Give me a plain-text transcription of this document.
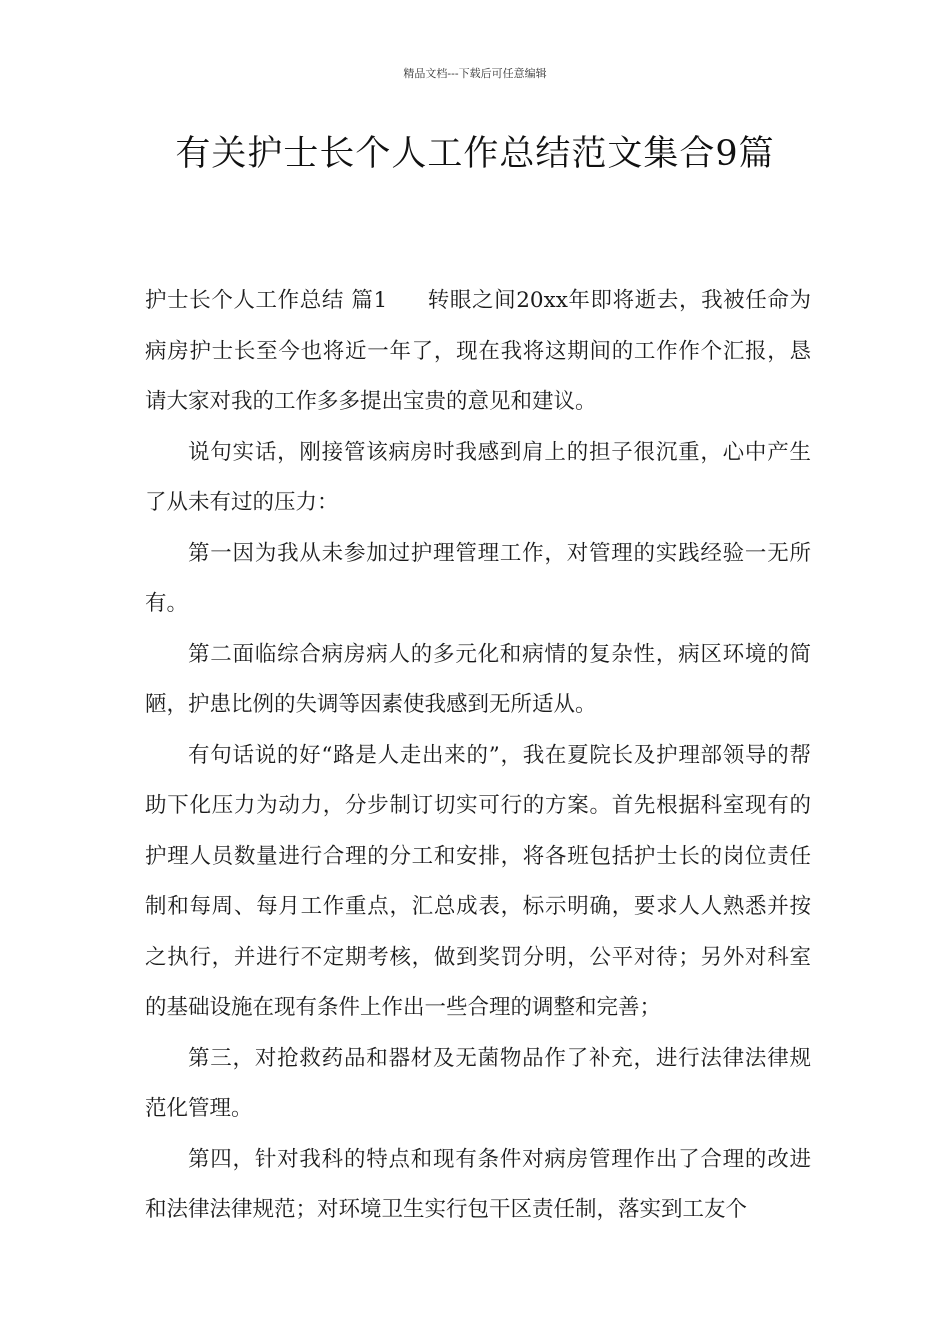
精品文档---下载后可任意编辑
有关护士长个人工作总结范文集合9篇

护士长个人工作总结 篇1 转眼之间20xx年即将逝去，我被任命为病房护士长至今也将近一年了，现在我将这期间的工作作个汇报，恳请大家对我的工作多多提出宝贵的意见和建议。

说句实话，刚接管该病房时我感到肩上的担子很沉重，心中产生了从未有过的压力：

第一因为我从未参加过护理管理工作，对管理的实践经验一无所有。

第二面临综合病房病人的多元化和病情的复杂性，病区环境的简陋，护患比例的失调等因素使我感到无所适从。

有句话说的好“路是人走出来的”，我在夏院长及护理部领导的帮助下化压力为动力，分步制订切实可行的方案。首先根据科室现有的护理人员数量进行合理的分工和安排，将各班包括护士长的岗位责任制和每周、每月工作重点，汇总成表，标示明确，要求人人熟悉并按之执行，并进行不定期考核，做到奖罚分明，公平对待；另外对科室的基础设施在现有条件上作出一些合理的调整和完善；

第三，对抢救药品和器材及无菌物品作了补充，进行法律法律规范化管理。

第四，针对我科的特点和现有条件对病房管理作出了合理的改进和法律法律规范；对环境卫生实行包干区责任制，落实到工友个
